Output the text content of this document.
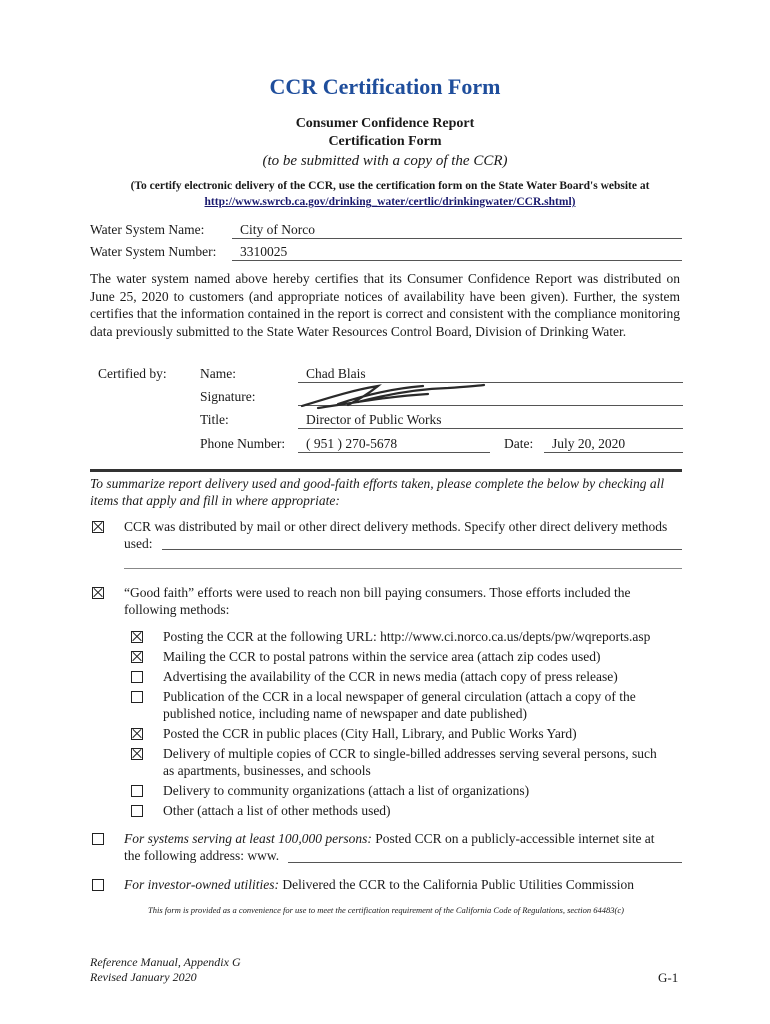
CCR Certification Form
Consumer Confidence Report
Certification Form
(to be submitted with a copy of the CCR)
(To certify electronic delivery of the CCR, use the certification form on the State Water Board's website at
http://www.swrcb.ca.gov/drinking_water/certlic/drinkingwater/CCR.shtml)
Water System Name:	City of Norco
Water System Number: 3310025
The water system named above hereby certifies that its Consumer Confidence Report was distributed on June 25, 2020 to customers (and appropriate notices of availability have been given). Further, the system certifies that the information contained in the report is correct and consistent with the compliance monitoring data previously submitted to the State Water Resources Control Board, Division of Drinking Water.
Certified by: Name:	Chad Blais
Signature:
Title:	Director of Public Works
Phone Number: ( 951 ) 270-5678	Date: July 20, 2020
To summarize report delivery used and good-faith efforts taken, please complete the below by checking all items that apply and fill in where appropriate:
CCR was distributed by mail or other direct delivery methods. Specify other direct delivery methods
used:
“Good faith” efforts were used to reach non bill paying consumers. Those efforts included the
following methods:
Posting the CCR at the following URL: http://www.ci.norco.ca.us/depts/pw/wqreports.asp
Mailing the CCR to postal patrons within the service area (attach zip codes used)
Advertising the availability of the CCR in news media (attach copy of press release)
Publication of the CCR in a local newspaper of general circulation (attach a copy of the
published notice, including name of newspaper and date published)
Posted the CCR in public places (City Hall, Library, and Public Works Yard)
Delivery of multiple copies of CCR to single-billed addresses serving several persons, such
as apartments, businesses, and schools
Delivery to community organizations (attach a list of organizations)
Other (attach a list of other methods used)
For systems serving at least 100,000 persons: Posted CCR on a publicly-accessible internet site at
the following address: www.
For investor-owned utilities: Delivered the CCR to the California Public Utilities Commission
This form is provided as a convenience for use to meet the certification requirement of the California Code of Regulations, section 64483(c)
Reference Manual, Appendix G
Revised January 2020	G-1
